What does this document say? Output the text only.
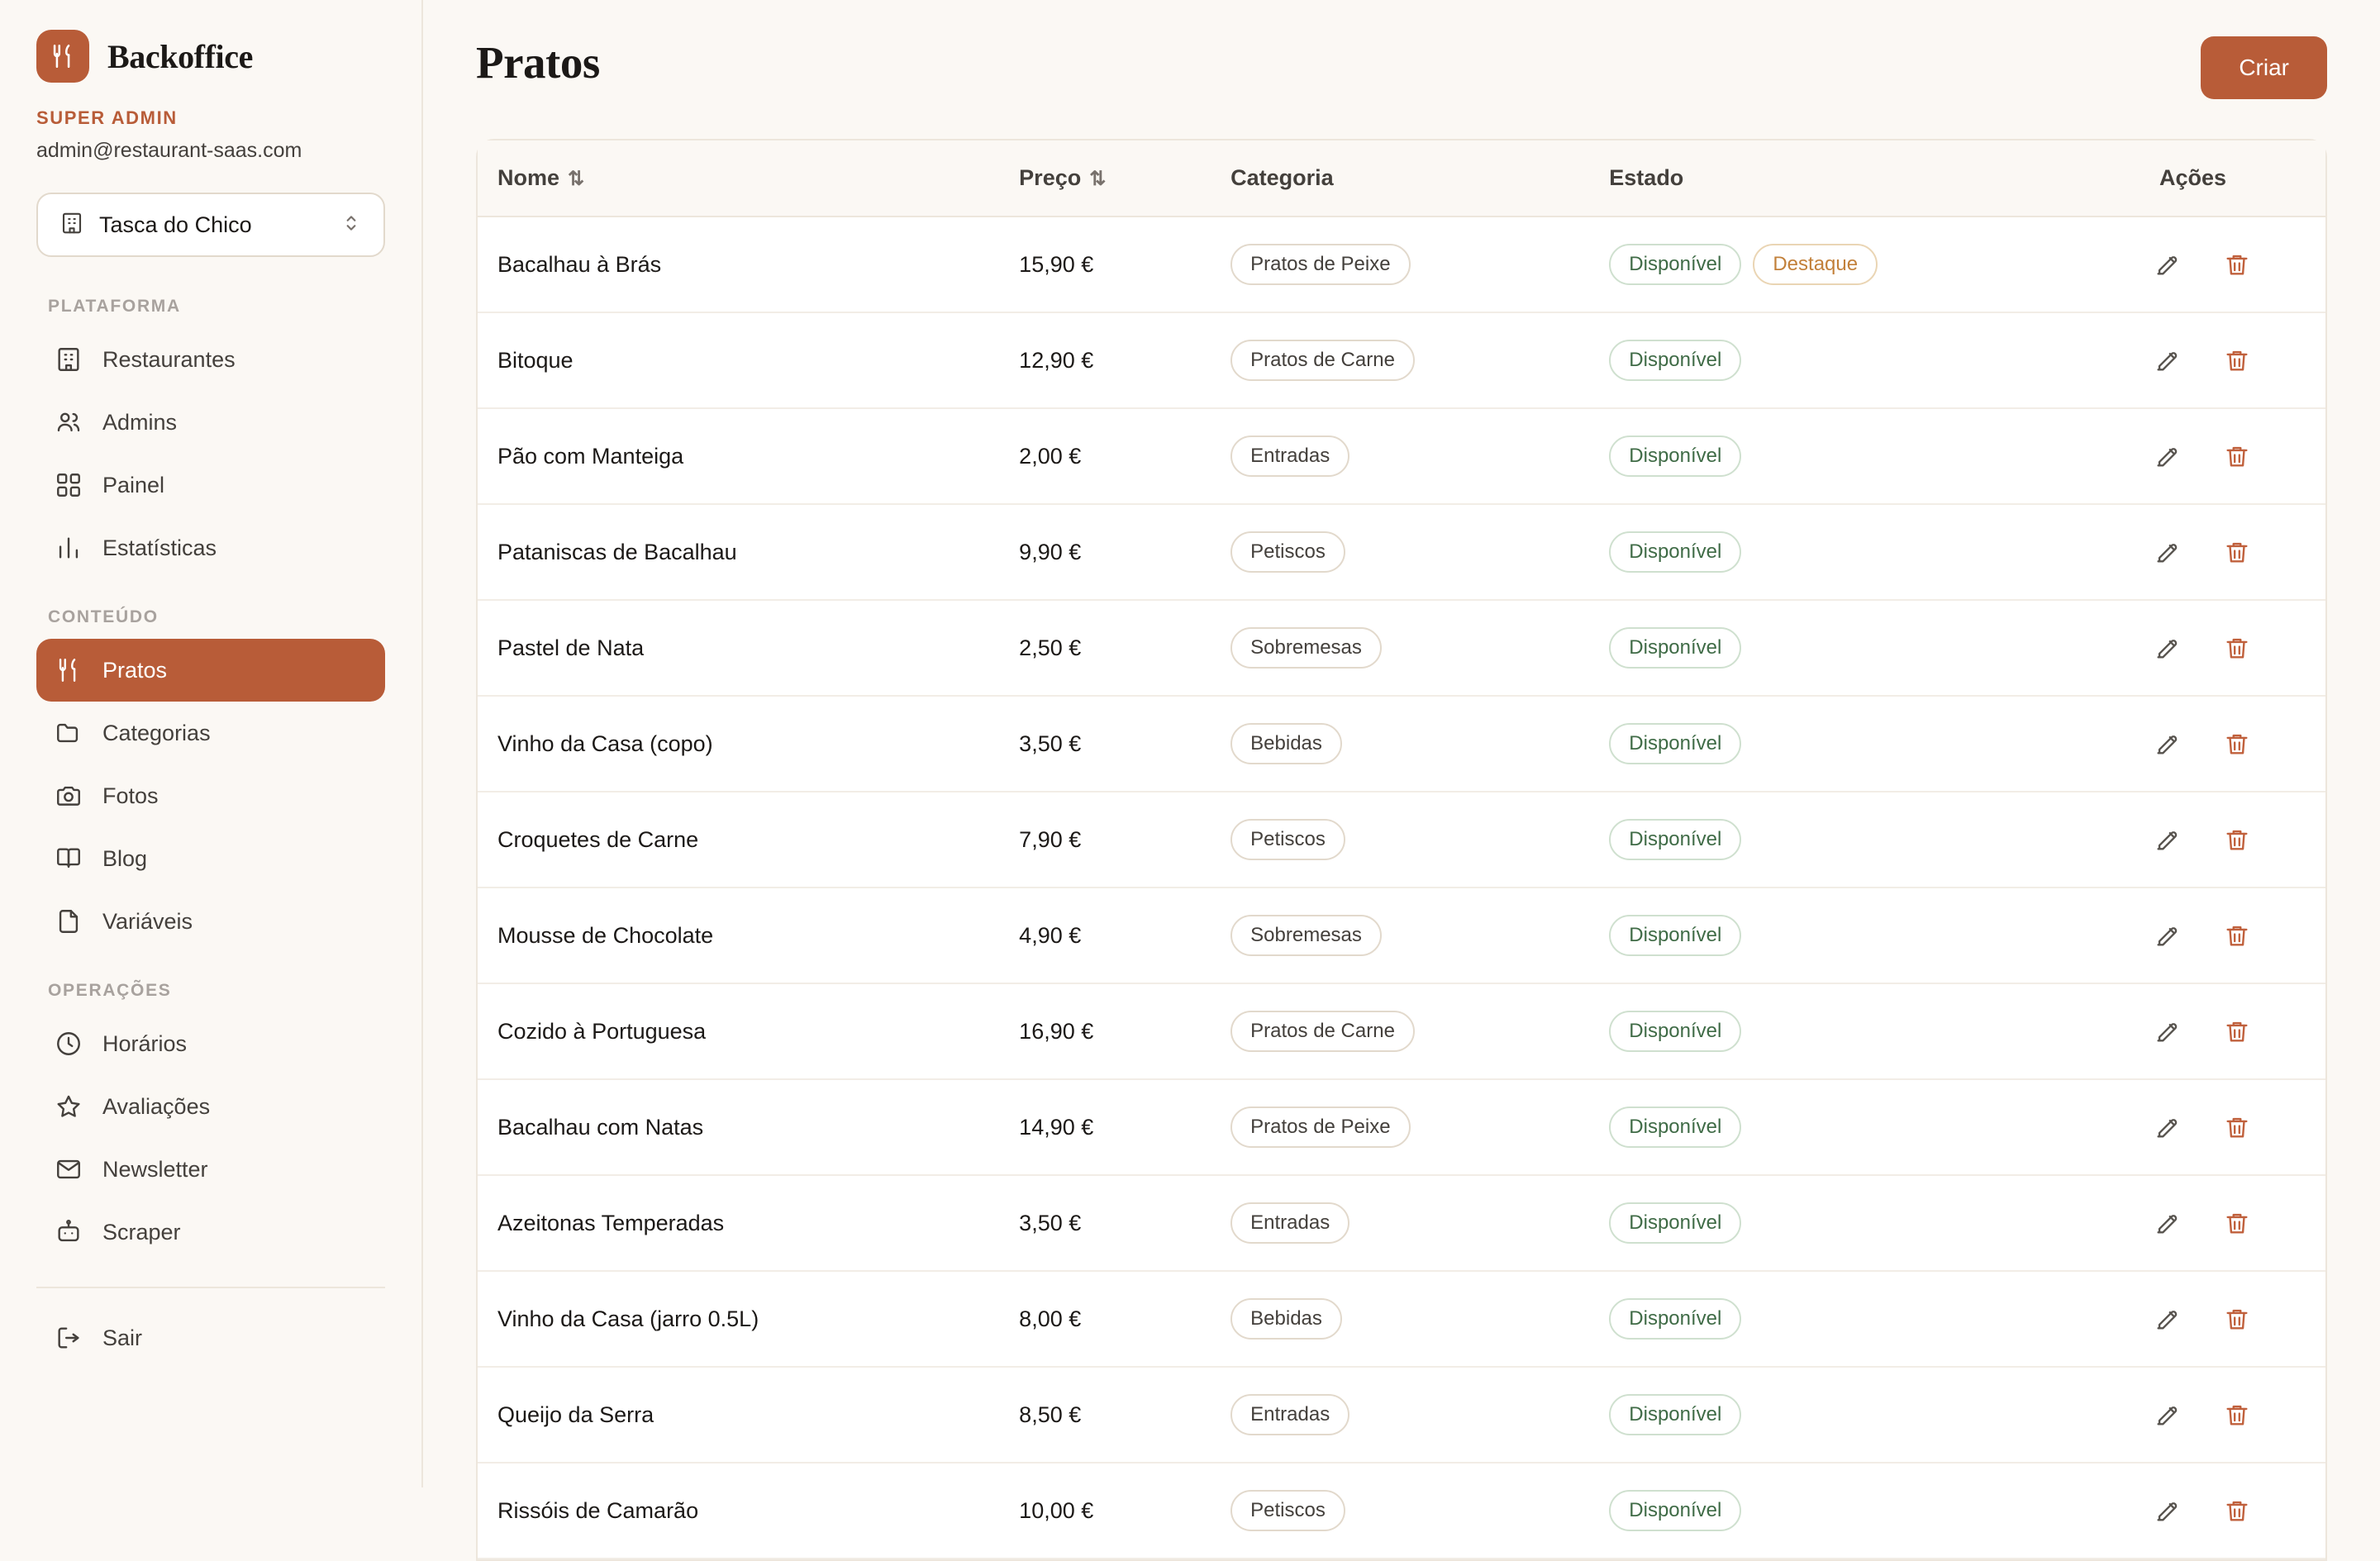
Backoffice
SUPER ADMIN
admin@restaurant-saas.com
Tasca do Chico
PLATAFORMA
Restaurantes
Admins
Painel
Estatísticas
CONTEÚDO
Pratos
Categorias
Fotos
Blog
Variáveis
OPERAÇÕES
Horários
Avaliações
Newsletter
Scraper
Sair
Pratos	Criar
Nome ⇅	Preço ⇅	Categoria	Estado	Ações
Bacalhau à Brás	15,90 €	Pratos de Peixe	Disponível Destaque	

Bitoque	12,90 €	Pratos de Carne	Disponível	

Pão com Manteiga	2,00 €	Entradas	Disponível	

Pataniscas de Bacalhau	9,90 €	Petiscos	Disponível	

Pastel de Nata	2,50 €	Sobremesas	Disponível	

Vinho da Casa (copo)	3,50 €	Bebidas	Disponível	

Croquetes de Carne	7,90 €	Petiscos	Disponível	

Mousse de Chocolate	4,90 €	Sobremesas	Disponível	

Cozido à Portuguesa	16,90 €	Pratos de Carne	Disponível	

Bacalhau com Natas	14,90 €	Pratos de Peixe	Disponível	

Azeitonas Temperadas	3,50 €	Entradas	Disponível	

Vinho da Casa (jarro 0.5L)	8,00 €	Bebidas	Disponível	

Queijo da Serra	8,50 €	Entradas	Disponível	

Rissóis de Camarão	10,00 €	Petiscos	Disponível	
